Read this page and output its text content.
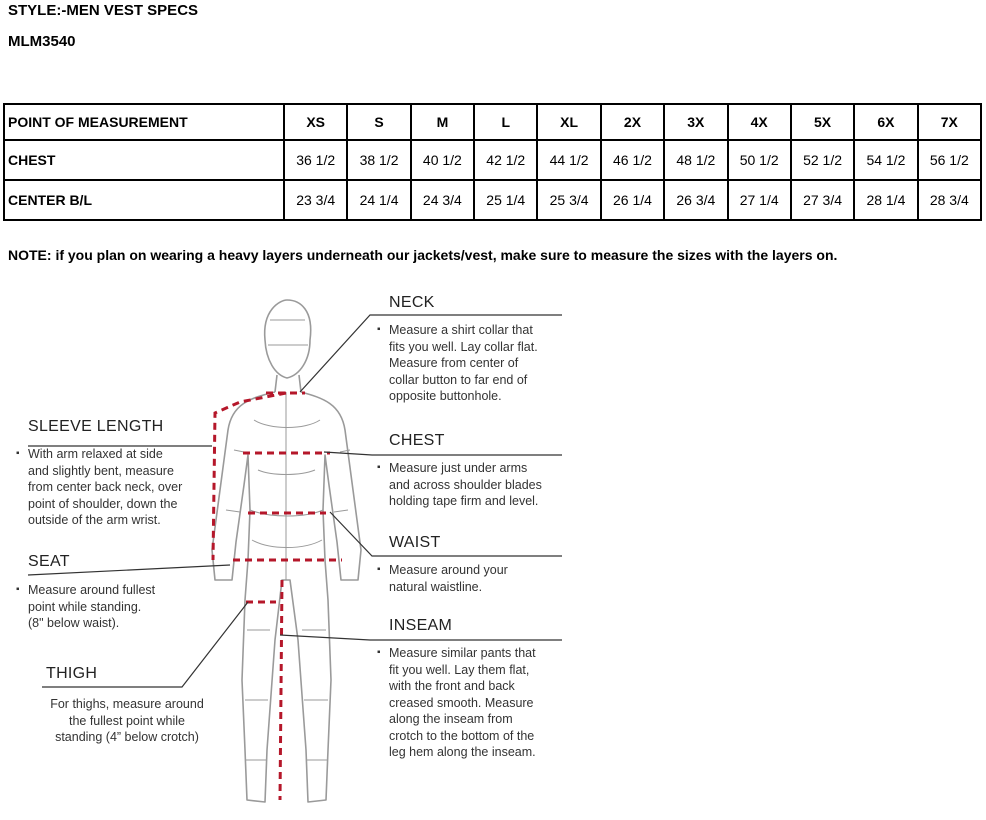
STYLE:-MEN VEST SPECS
MLM3540
POINT OF MEASUREMENT	XS	S	M	L	XL	2X	3X	4X	5X	6X	7X
CHEST	36 1/2	38 1/2	40 1/2	42 1/2	44 1/2	46 1/2	48 1/2	50 1/2	52 1/2	54 1/2	56 1/2
CENTER B/L	23 3/4	24 1/4	24 3/4	25 1/4	25 3/4	26 1/4	26 3/4	27 1/4	27 3/4	28 1/4	28 3/4
NOTE: if you plan on wearing a heavy layers underneath our jackets/vest, make sure to measure the sizes with the layers on.
NECK
▪ Measure a shirt collar that
fits you well. Lay collar flat.
Measure from center of
collar button to far end of
opposite buttonhole.
CHEST
▪ Measure just under arms
and across shoulder blades
holding tape firm and level.
WAIST
▪ Measure around your
natural waistline.
INSEAM
▪ Measure similar pants that
fit you well. Lay them flat,
with the front and back
creased smooth. Measure
along the inseam from
crotch to the bottom of the
leg hem along the inseam.
SLEEVE LENGTH
▪ With arm relaxed at side
and slightly bent, measure
from center back neck, over
point of shoulder, down the
outside of the arm wrist.
SEAT
▪ Measure around fullest
point while standing.
(8" below waist).
THIGH
For thighs, measure around
the fullest point while
standing (4” below crotch)
